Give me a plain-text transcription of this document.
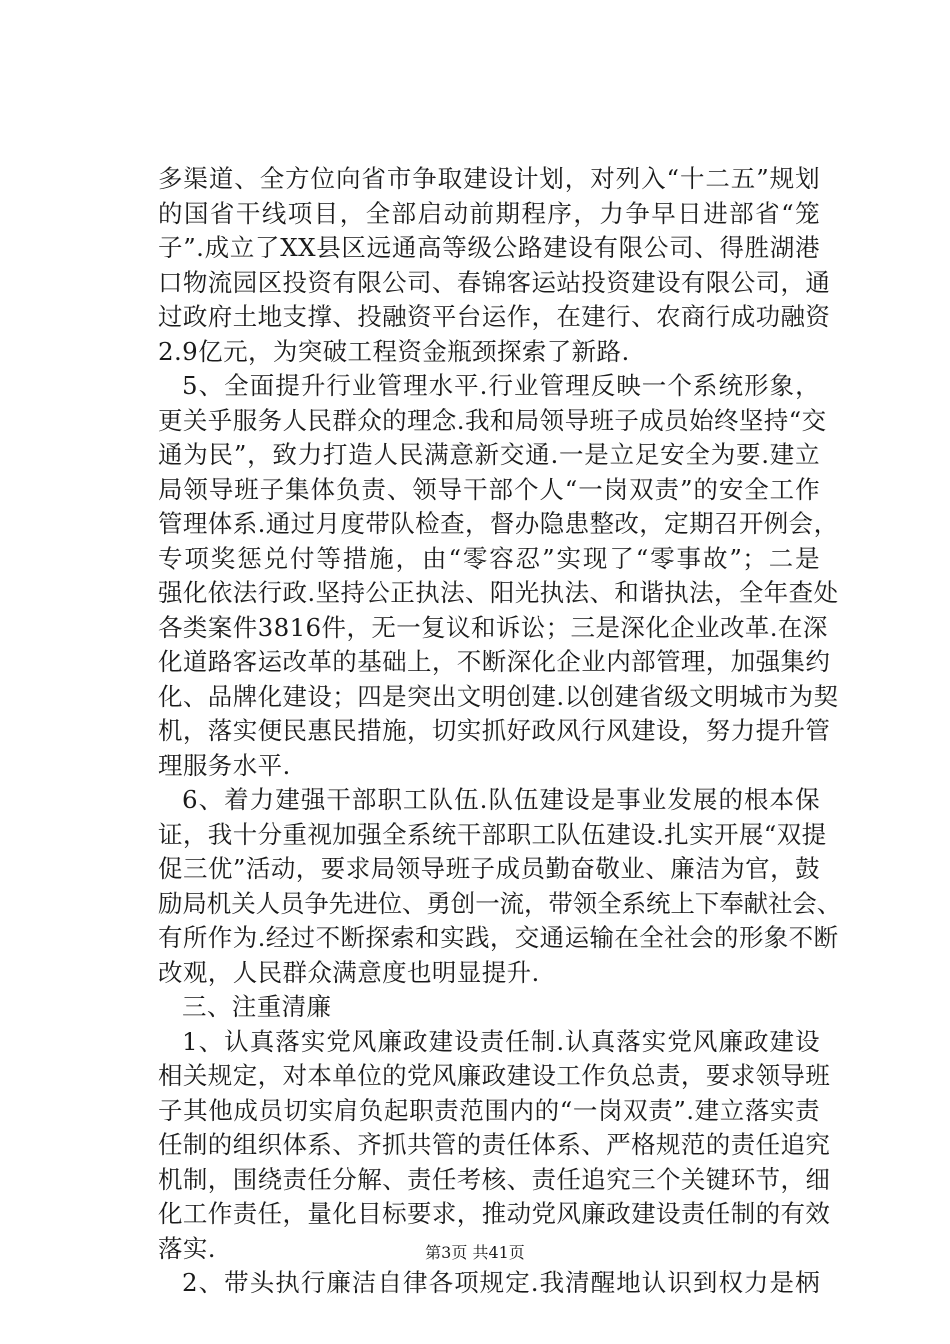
多渠道、全方位向省市争取建设计划，对列入“十二五”规划
的国省干线项目，全部启动前期程序，力争早日进部省“笼
子”.成立了XX县区远通高等级公路建设有限公司、得胜湖港
口物流园区投资有限公司、春锦客运站投资建设有限公司，通
过政府土地支撑、投融资平台运作，在建行、农商行成功融资
2.9亿元，为突破工程资金瓶颈探索了新路.
5、全面提升行业管理水平.行业管理反映一个系统形象，
更关乎服务人民群众的理念.我和局领导班子成员始终坚持“交
通为民”，致力打造人民满意新交通.一是立足安全为要.建立
局领导班子集体负责、领导干部个人“一岗双责”的安全工作
管理体系.通过月度带队检查，督办隐患整改，定期召开例会，
专项奖惩兑付等措施，由“零容忍”实现了“零事故”；二是
强化依法行政.坚持公正执法、阳光执法、和谐执法，全年查处
各类案件3816件，无一复议和诉讼；三是深化企业改革.在深
化道路客运改革的基础上，不断深化企业内部管理，加强集约
化、品牌化建设；四是突出文明创建.以创建省级文明城市为契
机，落实便民惠民措施，切实抓好政风行风建设，努力提升管
理服务水平.
6、着力建强干部职工队伍.队伍建设是事业发展的根本保
证，我十分重视加强全系统干部职工队伍建设.扎实开展“双提
促三优”活动，要求局领导班子成员勤奋敬业、廉洁为官，鼓
励局机关人员争先进位、勇创一流，带领全系统上下奉献社会、
有所作为.经过不断探索和实践，交通运输在全社会的形象不断
改观，人民群众满意度也明显提升.
三、注重清廉
1、认真落实党风廉政建设责任制.认真落实党风廉政建设
相关规定，对本单位的党风廉政建设工作负总责，要求领导班
子其他成员切实肩负起职责范围内的“一岗双责”.建立落实责
任制的组织体系、齐抓共管的责任体系、严格规范的责任追究
机制，围绕责任分解、责任考核、责任追究三个关键环节，细
化工作责任，量化目标要求，推动党风廉政建设责任制的有效
落实.
2、带头执行廉洁自律各项规定.我清醒地认识到权力是柄
第3页 共41页
